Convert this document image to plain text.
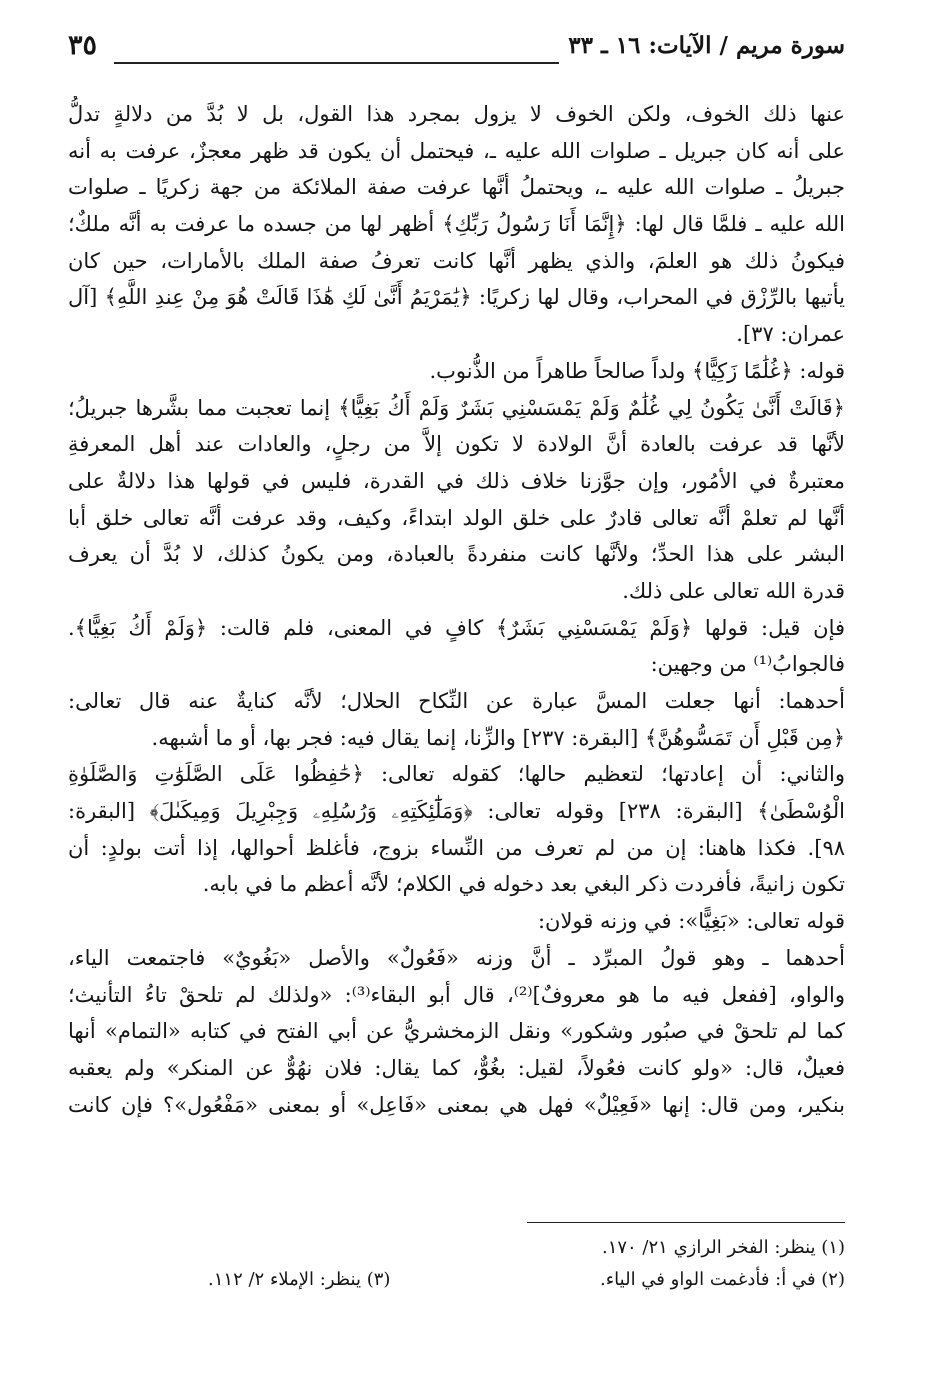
سورة مريم / الآيات: ١٦ ـ ٣٣
٣٥
عنها ذلك الخوف، ولكن الخوف لا يزول بمجرد هذا القول، بل لا بُدَّ من دلالةٍ تدلُّ
على أنه كان جبريل ـ صلوات الله عليه ـ، فيحتمل أن يكون قد ظهر معجزٌ، عرفت به أنه
جبريلُ ـ صلوات الله عليه ـ، ويحتملُ أنَّها عرفت صفة الملائكة من جهة زكريًا ـ صلوات
الله عليه ـ فلمَّا قال لها: ﴿إِنَّمَا أَنَا رَسُولُ رَبِّكِ﴾ أظهر لها من جسده ما عرفت به أنَّه ملكٌ؛
فيكونُ ذلك هو العلمَ، والذي يظهر أنَّها كانت تعرفُ صفة الملك بالأمارات، حين كان
يأتيها بالرِّزْق في المحراب، وقال لها زكريًا: ﴿يَٰمَرْيَمُ أَنَّىٰ لَكِ هَٰذَا قَالَتْ هُوَ مِنْ عِندِ اللَّهِ﴾ [آل
عمران: ٣٧].
قوله: ﴿غُلَٰمًا زَكِيًّا﴾ ولداً صالحاً طاهراً من الذُّنوب.
﴿قَالَتْ أَنَّىٰ يَكُونُ لِي غُلَٰمٌ وَلَمْ يَمْسَسْنِي بَشَرٌ وَلَمْ أَكُ بَغِيًّا﴾ إنما تعجبت مما بشَّرها جبريلُ؛
لأنَّها قد عرفت بالعادة أنَّ الولادة لا تكون إلاَّ من رجلٍ، والعادات عند أهل المعرفةِ
معتبرةٌ في الأمُور، وإن جوَّزنا خلاف ذلك في القدرة، فليس في قولها هذا دلالةٌ على
أنَّها لم تعلمْ أنَّه تعالى قادرٌ على خلق الولد ابتداءً، وكيف، وقد عرفت أنَّه تعالى خلق أبا
البشر على هذا الحدِّ؛ ولأنَّها كانت منفردةً بالعبادة، ومن يكونُ كذلك، لا بُدَّ أن يعرف
قدرة الله تعالى على ذلك.
فإن قيل: قولها ﴿وَلَمْ يَمْسَسْنِي بَشَرٌ﴾ كافٍ في المعنى، فلم قالت: ﴿وَلَمْ أَكُ بَغِيًّا﴾.
فالجوابُ⁽¹⁾ من وجهين:
أحدهما: أنها جعلت المسَّ عبارة عن النِّكاح الحلال؛ لأنَّه كنايةٌ عنه قال تعالى:
﴿مِن قَبْلِ أَن تَمَسُّوهُنَّ﴾ [البقرة: ٢٣٧] والزِّنا، إنما يقال فيه: فجر بها، أو ما أشبهه.
والثاني: أن إعادتها؛ لتعظيم حالها؛ كقوله تعالى: ﴿حَٰفِظُوا عَلَى الصَّلَوَٰتِ وَالصَّلَوٰةِ
الْوُسْطَىٰ﴾ [البقرة: ٢٣٨] وقوله تعالى: ﴿وَمَلَٰٓئِكَتِهِۦ وَرُسُلِهِۦ وَجِبْرِيلَ وَمِيكَىٰلَ﴾ [البقرة:
٩٨]. فكذا هاهنا: إن من لم تعرف من النِّساء بزوج، فأغلظ أحوالها، إذا أتت بولدٍ: أن
تكون زانيةً، فأفردت ذكر البغي بعد دخوله في الكلام؛ لأنَّه أعظم ما في بابه.
قوله تعالى: «بَغِيًّا»: في وزنه قولان:
أحدهما ـ وهو قولُ المبرِّد ـ أنَّ وزنه «فَعُولٌ» والأصل «بَغُويٌ» فاجتمعت الياء،
والواو، [ففعل فيه ما هو معروفٌ]⁽²⁾، قال أبو البقاء⁽³⁾: «ولذلك لم تلحقْ تاءُ التأنيث؛
كما لم تلحقْ في صبُور وشكور» ونقل الزمخشريُّ عن أبي الفتح في كتابه «التمام» أنها
فعيلٌ، قال: «ولو كانت فعُولاً، لقيل: بغُوٌّ، كما يقال: فلان نهُوٌّ عن المنكر» ولم يعقبه
بنكير، ومن قال: إنها «فَعِيْلٌ» فهل هي بمعنى «فَاعِل» أو بمعنى «مَفْعُول»؟ فإن كانت
(١) ينظر: الفخر الرازي ٢١/ ١٧٠.
(٢) في أ: فأدغمت الواو في الياء.
(٣) ينظر: الإملاء ٢/ ١١٢.
